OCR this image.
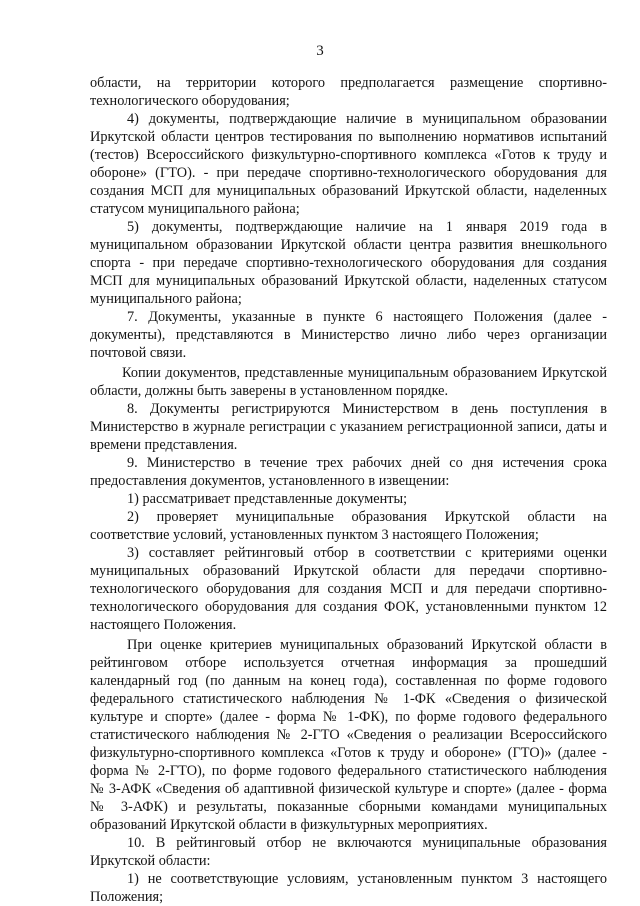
3
области, на территории которого предполагается размещение спортивно-
технологического оборудования;
4) документы, подтверждающие наличие в муниципальном образовании
Иркутской области центров тестирования по выполнению нормативов испытаний
(тестов) Всероссийского физкультурно-спортивного комплекса «Готов к труду и
обороне» (ГТО). - при передаче спортивно-технологического оборудования для
создания МСП для муниципальных образований Иркутской области, наделенных
статусом муниципального района;
5) документы, подтверждающие наличие на 1 января 2019 года в
муниципальном образовании Иркутской области центра развития внешкольного
спорта - при передаче спортивно-технологического оборудования для создания
МСП для муниципальных образований Иркутской области, наделенных статусом
муниципального района;
7. Документы, указанные в пункте 6 настоящего Положения (далее -
документы), представляются в Министерство лично либо через организации
почтовой связи.
Копии документов, представленные муниципальным образованием Иркутской
области, должны быть заверены в установленном порядке.
8. Документы регистрируются Министерством в день поступления в
Министерство в журнале регистрации с указанием регистрационной записи, даты и
времени представления.
9. Министерство в течение трех рабочих дней со дня истечения срока
предоставления документов, установленного в извещении:
1) рассматривает представленные документы;
2) проверяет муниципальные образования Иркутской области на
соответствие условий, установленных пунктом 3 настоящего Положения;
3) составляет рейтинговый отбор в соответствии с критериями оценки
муниципальных образований Иркутской области для передачи спортивно-
технологического оборудования для создания МСП и для передачи спортивно-
технологического оборудования для создания ФОК, установленными пунктом 12
настоящего Положения.
При оценке критериев муниципальных образований Иркутской области в
рейтинговом отборе используется отчетная информация за прошедший
календарный год (по данным на конец года), составленная по форме годового
федерального статистического наблюдения № 1-ФК «Сведения о физической
культуре и спорте» (далее - форма № 1-ФК), по форме годового федерального
статистического наблюдения № 2-ГТО «Сведения о реализации Всероссийского
физкультурно-спортивного комплекса «Готов к труду и обороне» (ГТО)» (далее -
форма № 2-ГТО), по форме годового федерального статистического наблюдения
№ 3-АФК «Сведения об адаптивной физической культуре и спорте» (далее - форма
№ 3-АФК) и результаты, показанные сборными командами муниципальных
образований Иркутской области в физкультурных мероприятиях.
10. В рейтинговый отбор не включаются муниципальные образования
Иркутской области:
1) не соответствующие условиям, установленным пунктом 3 настоящего
Положения;
